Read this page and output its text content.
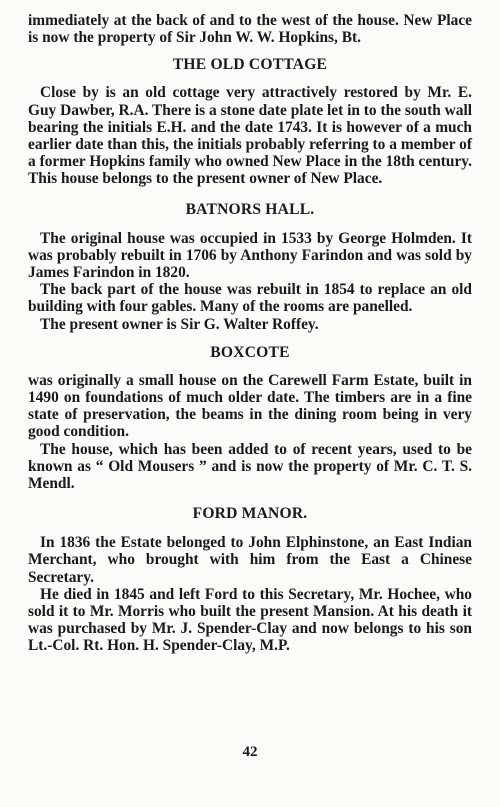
immediately at the back of and to the west of the house. New Place is now the property of Sir John W. W. Hopkins, Bt.

THE OLD COTTAGE

Close by is an old cottage very attractively restored by Mr. E. Guy Dawber, R.A. There is a stone date plate let in to the south wall bearing the initials E.H. and the date 1743. It is however of a much earlier date than this, the initials probably referring to a member of a former Hopkins family who owned New Place in the 18th century. This house belongs to the present owner of New Place.

BATNORS HALL.

The original house was occupied in 1533 by George Holmden. It was probably rebuilt in 1706 by Anthony Farindon and was sold by James Farindon in 1820.

The back part of the house was rebuilt in 1854 to replace an old building with four gables. Many of the rooms are panelled.

The present owner is Sir G. Walter Roffey.

BOXCOTE

was originally a small house on the Carewell Farm Estate, built in 1490 on foundations of much older date. The timbers are in a fine state of preservation, the beams in the dining room being in very good condition.

The house, which has been added to of recent years, used to be known as “ Old Mousers ” and is now the property of Mr. C. T. S. Mendl.

FORD MANOR.

In 1836 the Estate belonged to John Elphinstone, an East Indian Merchant, who brought with him from the East a Chinese Secretary.

He died in 1845 and left Ford to this Secretary, Mr. Hochee, who sold it to Mr. Morris who built the present Mansion. At his death it was purchased by Mr. J. Spender-Clay and now belongs to his son Lt.-Col. Rt. Hon. H. Spender-Clay, M.P.

42
